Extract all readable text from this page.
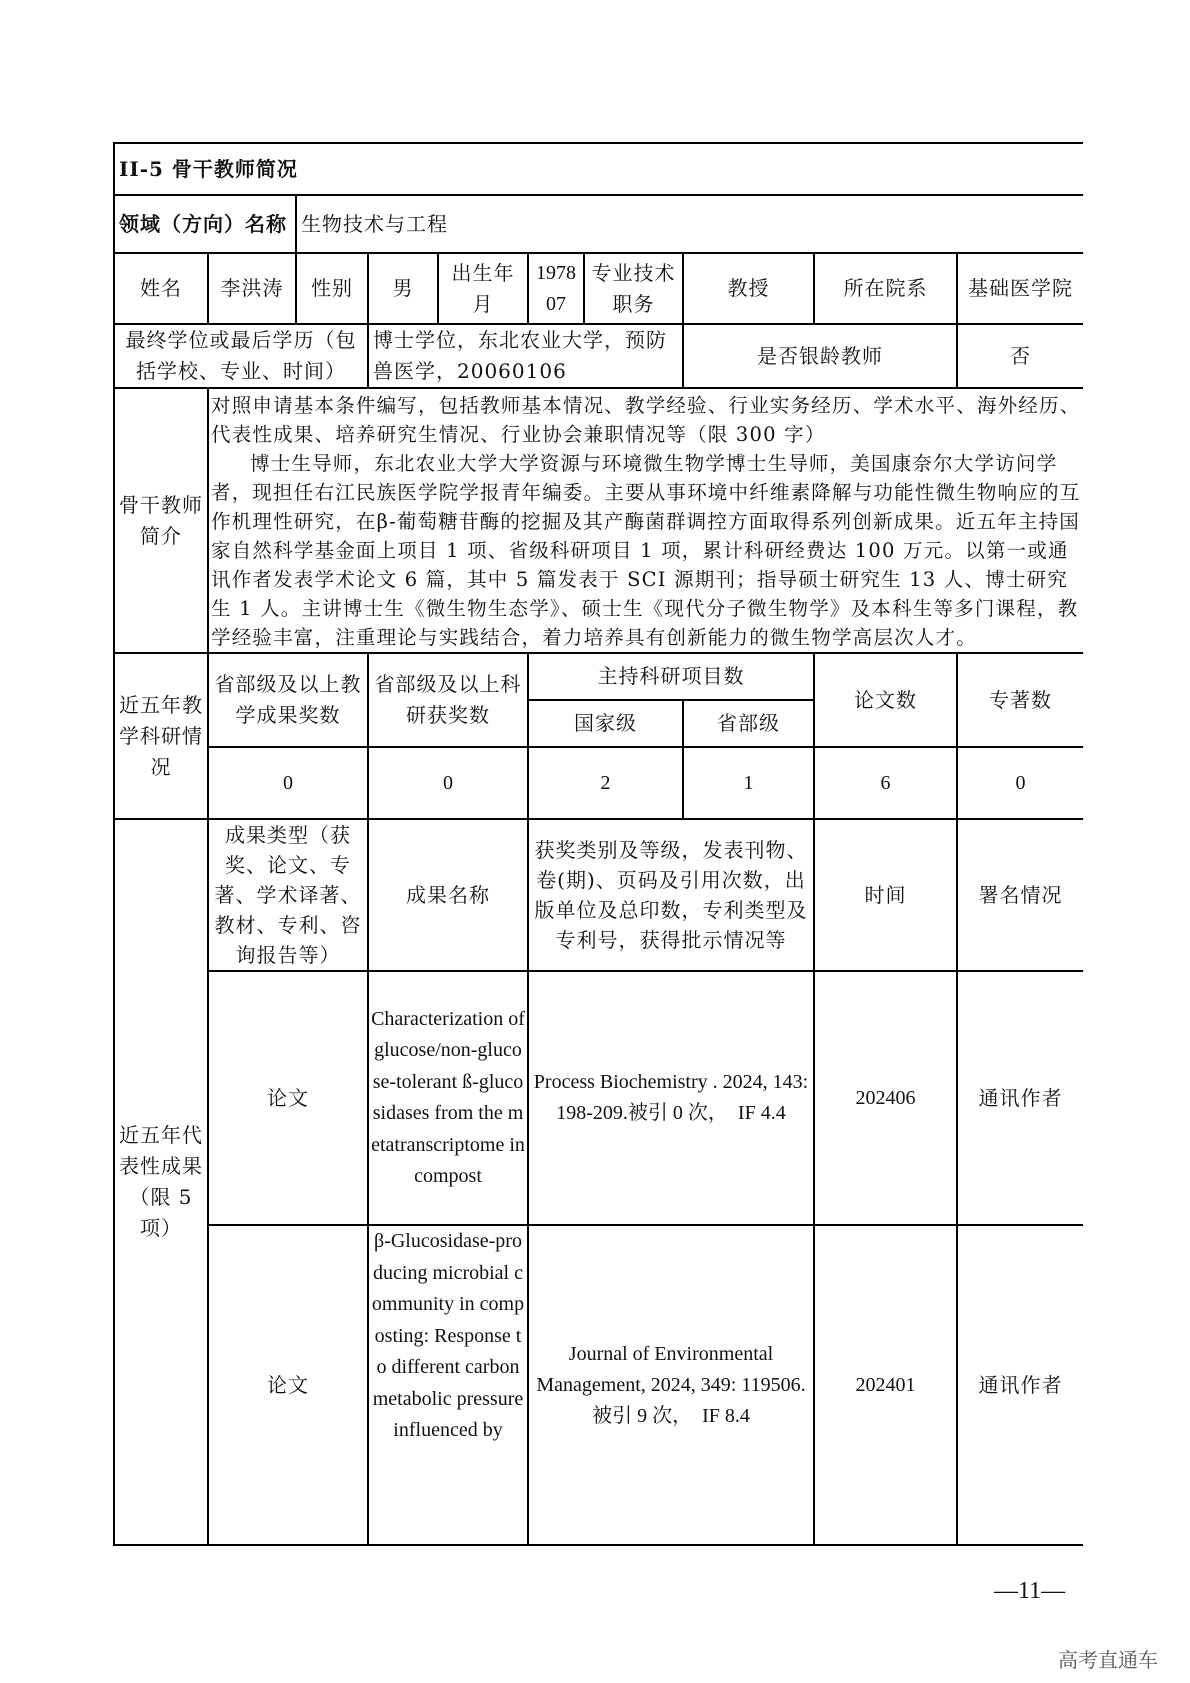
II-5 骨干教师简况									
领域（方向）名称		生物技术与工程							
姓名	李洪涛	性别	男	出生年月	1978 07	专业技术职务	教授	所在院系	基础医学院
最终学位或最后学历（包括学校、专业、时间）			博士学位，东北农业大学，预防兽医学，20060106				是否银龄教师		否
骨干教师简介	对照申请基本条件编写，包括教师基本情况、教学经验、行业实务经历、学术水平、海外经历、代表性成果、培养研究生情况、行业协会兼职情况等（限 300 字）
博士生导师，东北农业大学大学资源与环境微生物学博士生导师，美国康奈尔大学访问学者，现担任右江民族医学院学报青年编委。主要从事环境中纤维素降解与功能性微生物响应的互作机理性研究，在β-葡萄糖苷酶的挖掘及其产酶菌群调控方面取得系列创新成果。近五年主持国家自然科学基金面上项目 1 项、省级科研项目 1 项，累计科研经费达 100 万元。以第一或通讯作者发表学术论文 6 篇，其中 5 篇发表于 SCI 源期刊；指导硕士研究生 13 人、博士研究生 1 人。主讲博士生《微生物生态学》、硕士生《现代分子微生物学》及本科生等多门课程，教学经验丰富，注重理论与实践结合，着力培养具有创新能力的微生物学高层次人才。								

近五年教学科研情况	省部级及以上教学成果奖数		省部级及以上科研获奖数		主持科研项目数			论文数	专著数
					国家级		省部级		
	0		0		2		1	6	0
近五年代表性成果（限 5 项）	成果类型（获奖、论文、专著、学术译著、教材、专利、咨询报告等）		成果名称		获奖类别及等级，发表刊物、卷(期)、页码及引用次数，出版单位及总印数，专利类型及专利号，获得批示情况等			时间	署名情况
	论文		Characterization of glucose/non-glucose-tolerant ß-glucosidases from the metatranscriptome in compost		Process Biochemistry . 2024, 143: 198-209.被引 0 次，　IF 4.4			202406	通讯作者
	论文		β-Glucosidase-producing microbial community in composting: Response to different carbon metabolic pressure influenced by		Journal of Environmental Management, 2024, 349: 119506. 被引 9 次，　IF 8.4			202401	通讯作者
—11—
高考直通车
